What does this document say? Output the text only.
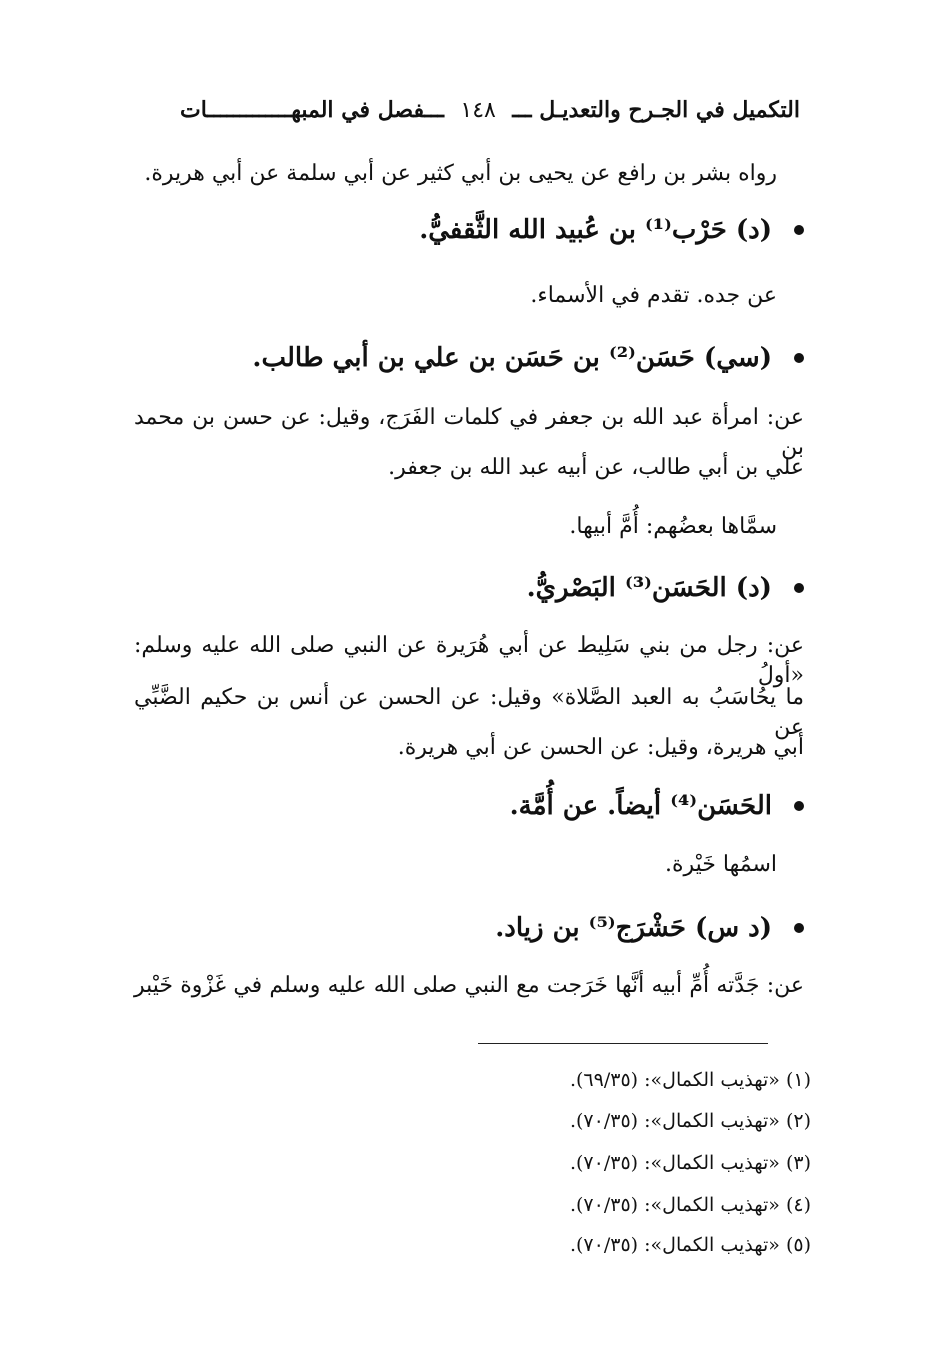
التكميل في الجـرح والتعديـل ـــ
١٤٨
ـــفصل في المبهـــــــــــــات
رواه بشر بن رافع عن يحيى بن أبي كثير عن أبي سلمة عن أبي هريرة.
(د) حَرْب⁽¹⁾ بن عُبيد الله الثَّقفيُّ.
عن جده. تقدم في الأسماء.
(سي) حَسَن⁽²⁾ بن حَسَن بن علي بن أبي طالب.
عن: امرأة عبد الله بن جعفر في كلمات الفَرَج، وقيل: عن حسن بن محمد بن
علي بن أبي طالب، عن أبيه عبد الله بن جعفر.
سمَّاها بعضُهم: أُمَّ أبيها.
(د) الحَسَن⁽³⁾ البَصْريُّ.
عن: رجل من بني سَلِيط عن أبي هُرَيرة عن النبي صلى الله عليه وسلم: «أولُ
ما يحُاسَبُ به العبد الصَّلاة» وقيل: عن الحسن عن أنس بن حكيم الضَّبِّي عن
أبي هريرة، وقيل: عن الحسن عن أبي هريرة.
الحَسَن⁽⁴⁾ أيضاً. عن أُمَّة.
اسمُها خَيْرة.
(د س) حَشْرَج⁽⁵⁾ بن زياد.
عن: جَدَّته أُمِّ أبيه أنَّها خَرَجت مع النبي صلى الله عليه وسلم في غَزْوة خَيْبر
(١) «تهذيب الكمال»: (٦٩/٣٥).
(٢) «تهذيب الكمال»: (٧٠/٣٥).
(٣) «تهذيب الكمال»: (٧٠/٣٥).
(٤) «تهذيب الكمال»: (٧٠/٣٥).
(٥) «تهذيب الكمال»: (٧٠/٣٥).
